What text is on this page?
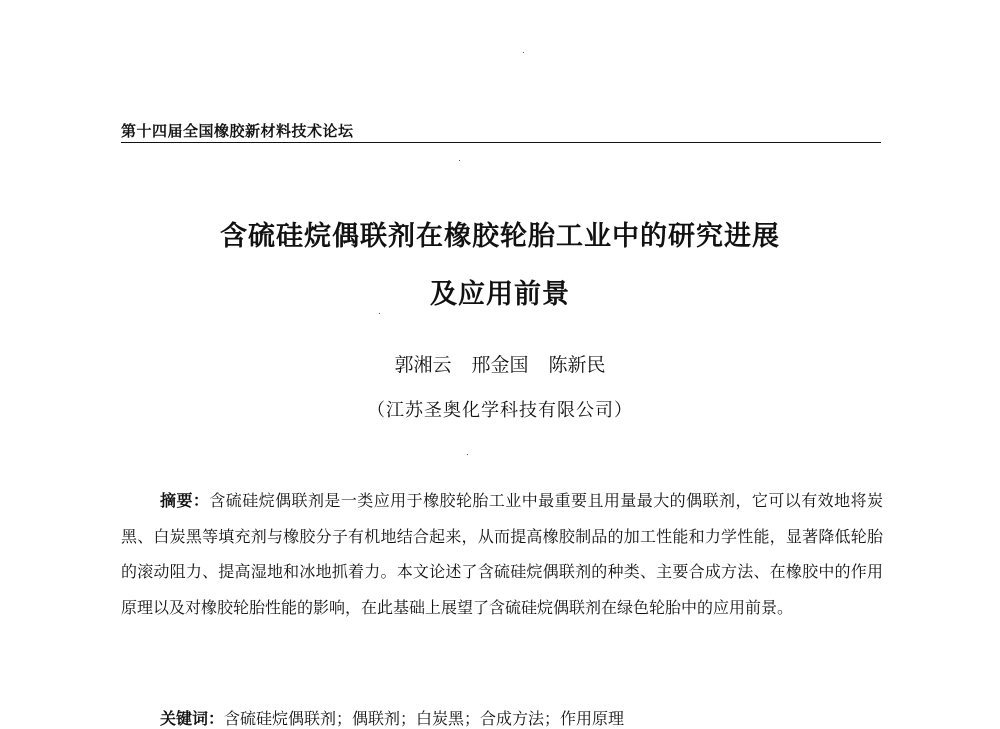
第十四届全国橡胶新材料技术论坛
含硫硅烷偶联剂在橡胶轮胎工业中的研究进展
及应用前景
郭湘云 邢金国 陈新民
（江苏圣奥化学科技有限公司）

摘要：含硫硅烷偶联剂是一类应用于橡胶轮胎工业中最重要且用量最大的偶联剂，它可以有效地将炭黑、白炭黑等填充剂与橡胶分子有机地结合起来，从而提高橡胶制品的加工性能和力学性能，显著降低轮胎的滚动阻力、提高湿地和冰地抓着力。本文论述了含硫硅烷偶联剂的种类、主要合成方法、在橡胶中的作用原理以及对橡胶轮胎性能的影响，在此基础上展望了含硫硅烷偶联剂在绿色轮胎中的应用前景。

关键词：含硫硅烷偶联剂；偶联剂；白炭黑；合成方法；作用原理
